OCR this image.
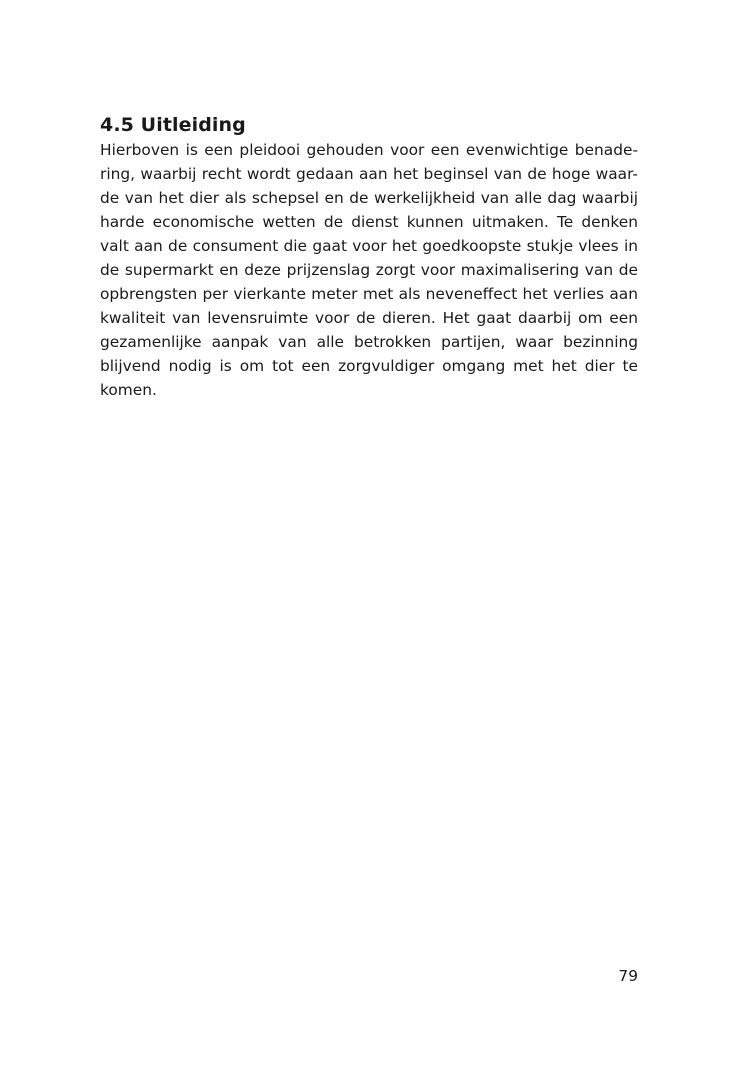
4.5 Uitleiding
Hierboven is een pleidooi gehouden voor een evenwichtige benade-
ring, waarbij recht wordt gedaan aan het beginsel van de hoge waar-
de van het dier als schepsel en de werkelijkheid van alle dag waarbij
harde economische wetten de dienst kunnen uitmaken. Te denken
valt aan de consument die gaat voor het goedkoopste stukje vlees in
de supermarkt en deze prijzenslag zorgt voor maximalisering van de
opbrengsten per vierkante meter met als neveneffect het verlies aan
kwaliteit van levensruimte voor de dieren. Het gaat daarbij om een
gezamenlijke aanpak van alle betrokken partijen, waar bezinning
blijvend nodig is om tot een zorgvuldiger omgang met het dier te
komen.
79
